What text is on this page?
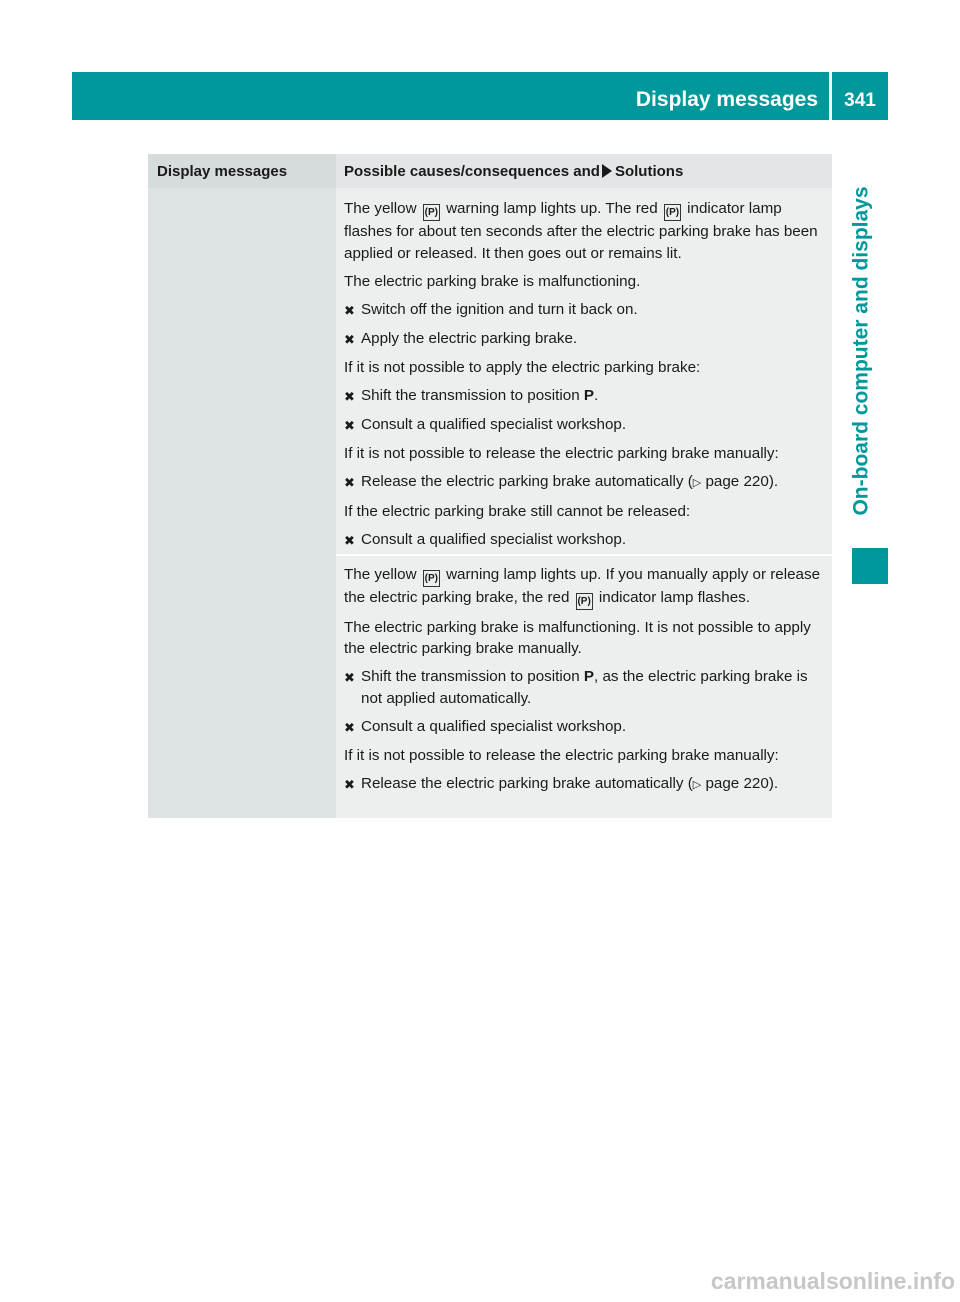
Display messages	341
On-board computer and displays
Display messages	Possible causes/consequences and Solutions

The yellow (P) warning lamp lights up. The red (P) indicator lamp flashes for about ten seconds after the electric parking brake has been applied or released. It then goes out or remains lit.

The electric parking brake is malfunctioning.

✖ Switch off the ignition and turn it back on.
✖ Apply the electric parking brake.

If it is not possible to apply the electric parking brake:

✖ Shift the transmission to position P.
✖ Consult a qualified specialist workshop.

If it is not possible to release the electric parking brake manually:

✖ Release the electric parking brake automatically (▷ page 220).

If the electric parking brake still cannot be released:

✖ Consult a qualified specialist workshop.

The yellow (P) warning lamp lights up. If you manually apply or release the electric parking brake, the red (P) indicator lamp flashes.

The electric parking brake is malfunctioning. It is not possible to apply the electric parking brake manually.

✖ Shift the transmission to position P, as the electric parking brake is not applied automatically.
✖ Consult a qualified specialist workshop.

If it is not possible to release the electric parking brake manually:

✖ Release the electric parking brake automatically (▷ page 220).
carmanualsonline.info
